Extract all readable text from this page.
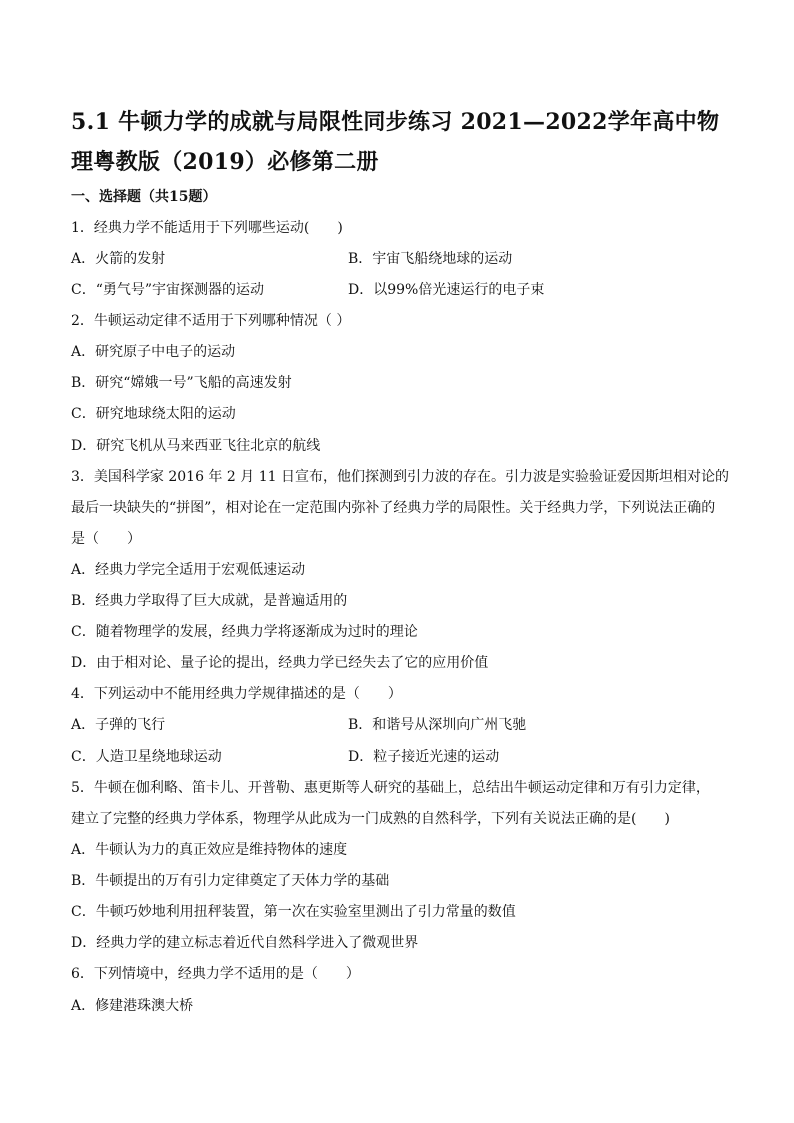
5.1 牛顿力学的成就与局限性同步练习 2021—2022学年高中物理粤教版（2019）必修第二册
一、选择题（共15题）
1．经典力学不能适用于下列哪些运动(　　)
A．火箭的发射	B．宇宙飞船绕地球的运动
C．“勇气号”宇宙探测器的运动	D．以99%倍光速运行的电子束
2．牛顿运动定律不适用于下列哪种情况（ ）
A．研究原子中电子的运动
B．研究“嫦娥一号”飞船的高速发射
C．研究地球绕太阳的运动
D．研究飞机从马来西亚飞往北京的航线
3．美国科学家 2016 年 2 月 11 日宣布，他们探测到引力波的存在。引力波是实验验证爱因斯坦相对论的
最后一块缺失的“拼图”，相对论在一定范围内弥补了经典力学的局限性。关于经典力学，下列说法正确的
是（　　）
A．经典力学完全适用于宏观低速运动
B．经典力学取得了巨大成就，是普遍适用的
C．随着物理学的发展，经典力学将逐渐成为过时的理论
D．由于相对论、量子论的提出，经典力学已经失去了它的应用价值
4．下列运动中不能用经典力学规律描述的是（　　）
A．子弹的飞行	B．和谐号从深圳向广州飞驰
C．人造卫星绕地球运动	D．粒子接近光速的运动
5．牛顿在伽利略、笛卡儿、开普勒、惠更斯等人研究的基础上，总结出牛顿运动定律和万有引力定律，
建立了完整的经典力学体系，物理学从此成为一门成熟的自然科学，下列有关说法正确的是(　　)
A．牛顿认为力的真正效应是维持物体的速度
B．牛顿提出的万有引力定律奠定了天体力学的基础
C．牛顿巧妙地利用扭秤装置，第一次在实验室里测出了引力常量的数值
D．经典力学的建立标志着近代自然科学进入了微观世界
6．下列情境中，经典力学不适用的是（　　）
A．修建港珠澳大桥
